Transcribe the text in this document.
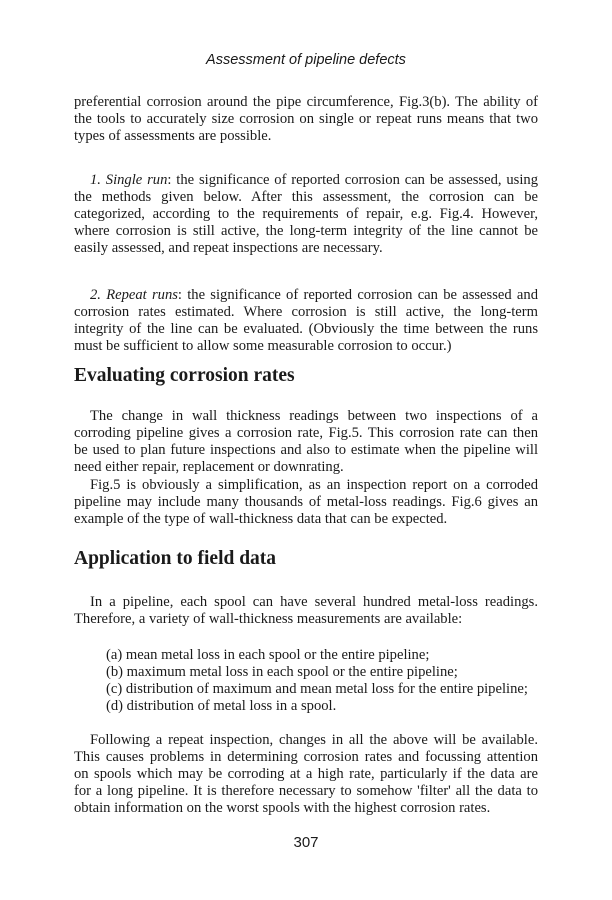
Assessment of pipeline defects
preferential corrosion around the pipe circumference, Fig.3(b). The ability of
the tools to accurately size corrosion on single or repeat runs means that two
types of assessments are possible.
1. Single run: the significance of reported corrosion can be assessed, using
the methods given below. After this assessment, the corrosion can be
categorized, according to the requirements of repair, e.g. Fig.4. However,
where corrosion is still active, the long-term integrity of the line cannot be
easily assessed, and repeat inspections are necessary.
2. Repeat runs: the significance of reported corrosion can be assessed and
corrosion rates estimated. Where corrosion is still active, the long-term
integrity of the line can be evaluated. (Obviously the time between the runs
must be sufficient to allow some measurable corrosion to occur.)
Evaluating corrosion rates
The change in wall thickness readings between two inspections of a
corroding pipeline gives a corrosion rate, Fig.5. This corrosion rate can then
be used to plan future inspections and also to estimate when the pipeline will
need either repair, replacement or downrating.
Fig.5 is obviously a simplification, as an inspection report on a corroded
pipeline may include many thousands of metal-loss readings. Fig.6 gives an
example of the type of wall-thickness data that can be expected.
Application to field data
In a pipeline, each spool can have several hundred metal-loss readings.
Therefore, a variety of wall-thickness measurements are available:
(a) mean metal loss in each spool or the entire pipeline;
(b) maximum metal loss in each spool or the entire pipeline;
(c) distribution of maximum and mean metal loss for the entire pipeline;
(d) distribution of metal loss in a spool.
Following a repeat inspection, changes in all the above will be available.
This causes problems in determining corrosion rates and focussing attention
on spools which may be corroding at a high rate, particularly if the data are
for a long pipeline. It is therefore necessary to somehow 'filter' all the data to
obtain information on the worst spools with the highest corrosion rates.
307
